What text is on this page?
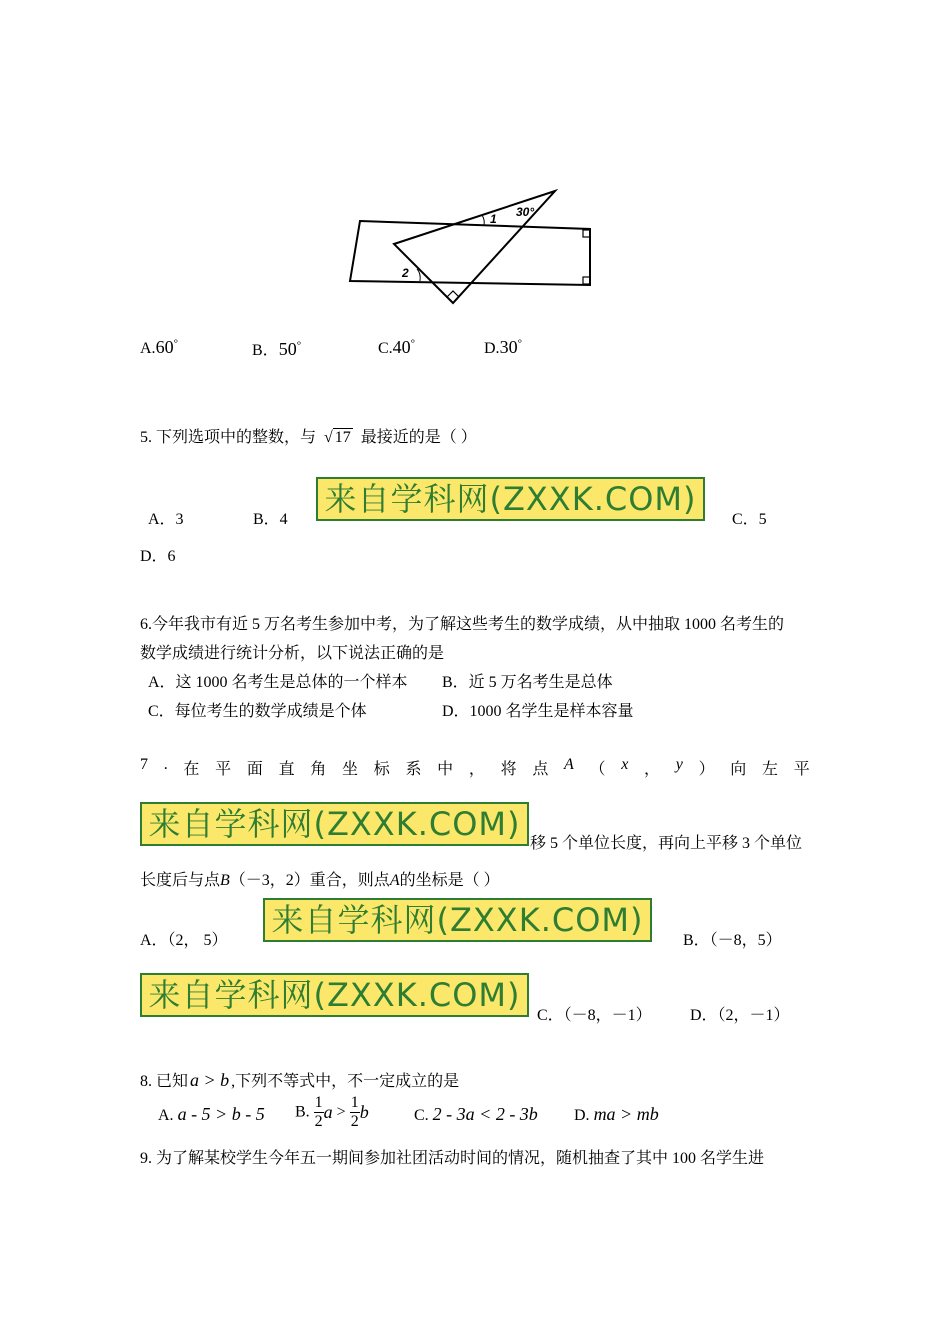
1 30°
2
A.60°	B．50°	C.40°	D.30°
5. 下列选项中的整数，与 √ 17 最接近的是（ ）
A．3	B．4
来自学科网(ZXXK.COM)
C．5
D．6
6.今年我市有近 5 万名考生参加中考，为了解这些考生的数学成绩，从中抽取 1000 名考生的
数学成绩进行统计分析，以下说法正确的是
A．这 1000 名考生是总体的一个样本 B．近 5 万名考生是总体
C．每位考生的数学成绩是个体	D．1000 名学生是样本容量
7 . 在 平 面 直 角 坐 标 系 中 ， 将 点 A （ x ， y ） 向 左 平
来自学科网(ZXXK.COM)
移 5 个单位长度，再向上平移 3 个单位
长度后与点B（－3，2）重合，则点A的坐标是（ ）
A．（2， 5）
来自学科网(ZXXK.COM)
B．（－8，5）
来自学科网(ZXXK.COM)
C．（－8，－1） D．（2，－1）
8. 已知 a > b ,下列不等式中，不一定成立的是
A. a - 5 > b - 5 B. $\frac{1}{2}$ $a > \frac{1}{2}$ b	C. 2 - 3a < 2 - 3b D. ma > mb
9. 为了解某校学生今年五一期间参加社团活动时间的情况，随机抽查了其中 100 名学生进
